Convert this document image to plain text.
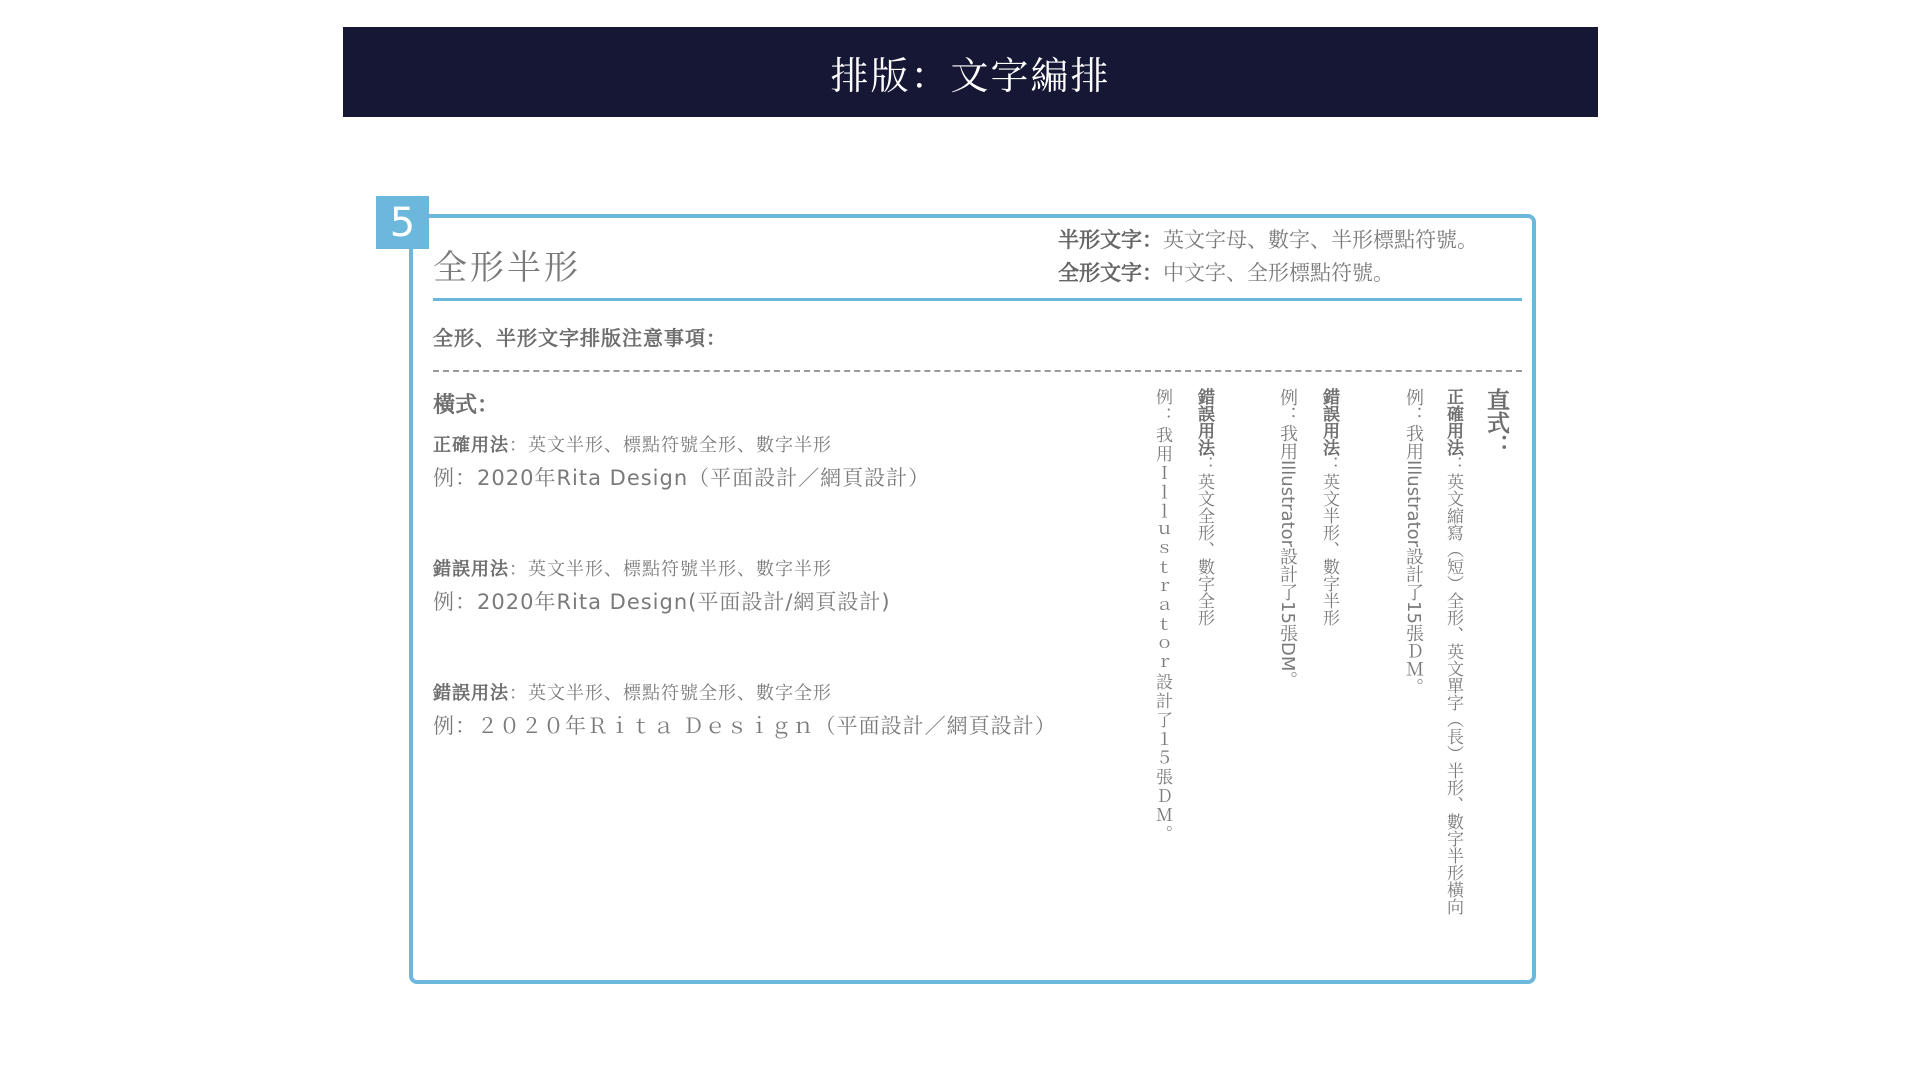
排版：文字編排
5
全形半形
半形文字：英文字母、數字、半形標點符號。
全形文字：中文字、全形標點符號。
全形、半形文字排版注意事項：
橫式：
正確用法：英文半形、標點符號全形、數字半形
例：2020年Rita Design（平面設計／網頁設計）
錯誤用法：英文半形、標點符號半形、數字半形
例：2020年Rita Design(平面設計/網頁設計)
錯誤用法：英文半形、標點符號全形、數字全形
例：２０２０年Ｒｉｔａ Ｄｅｓｉｇｎ（平面設計／網頁設計）
直式：
正確用法：英文縮寫（短）全形、英文單字（長）半形、數字半形橫向
例：我用Illustrator設計了15張ＤＭ。
錯誤用法：英文半形、數字半形
例：我用Illustrator設計了15張DM。
錯誤用法：英文全形、數字全形
例：我用Ｉｌｌｕｓｔｒａｔｏｒ設計了１５張ＤＭ。
